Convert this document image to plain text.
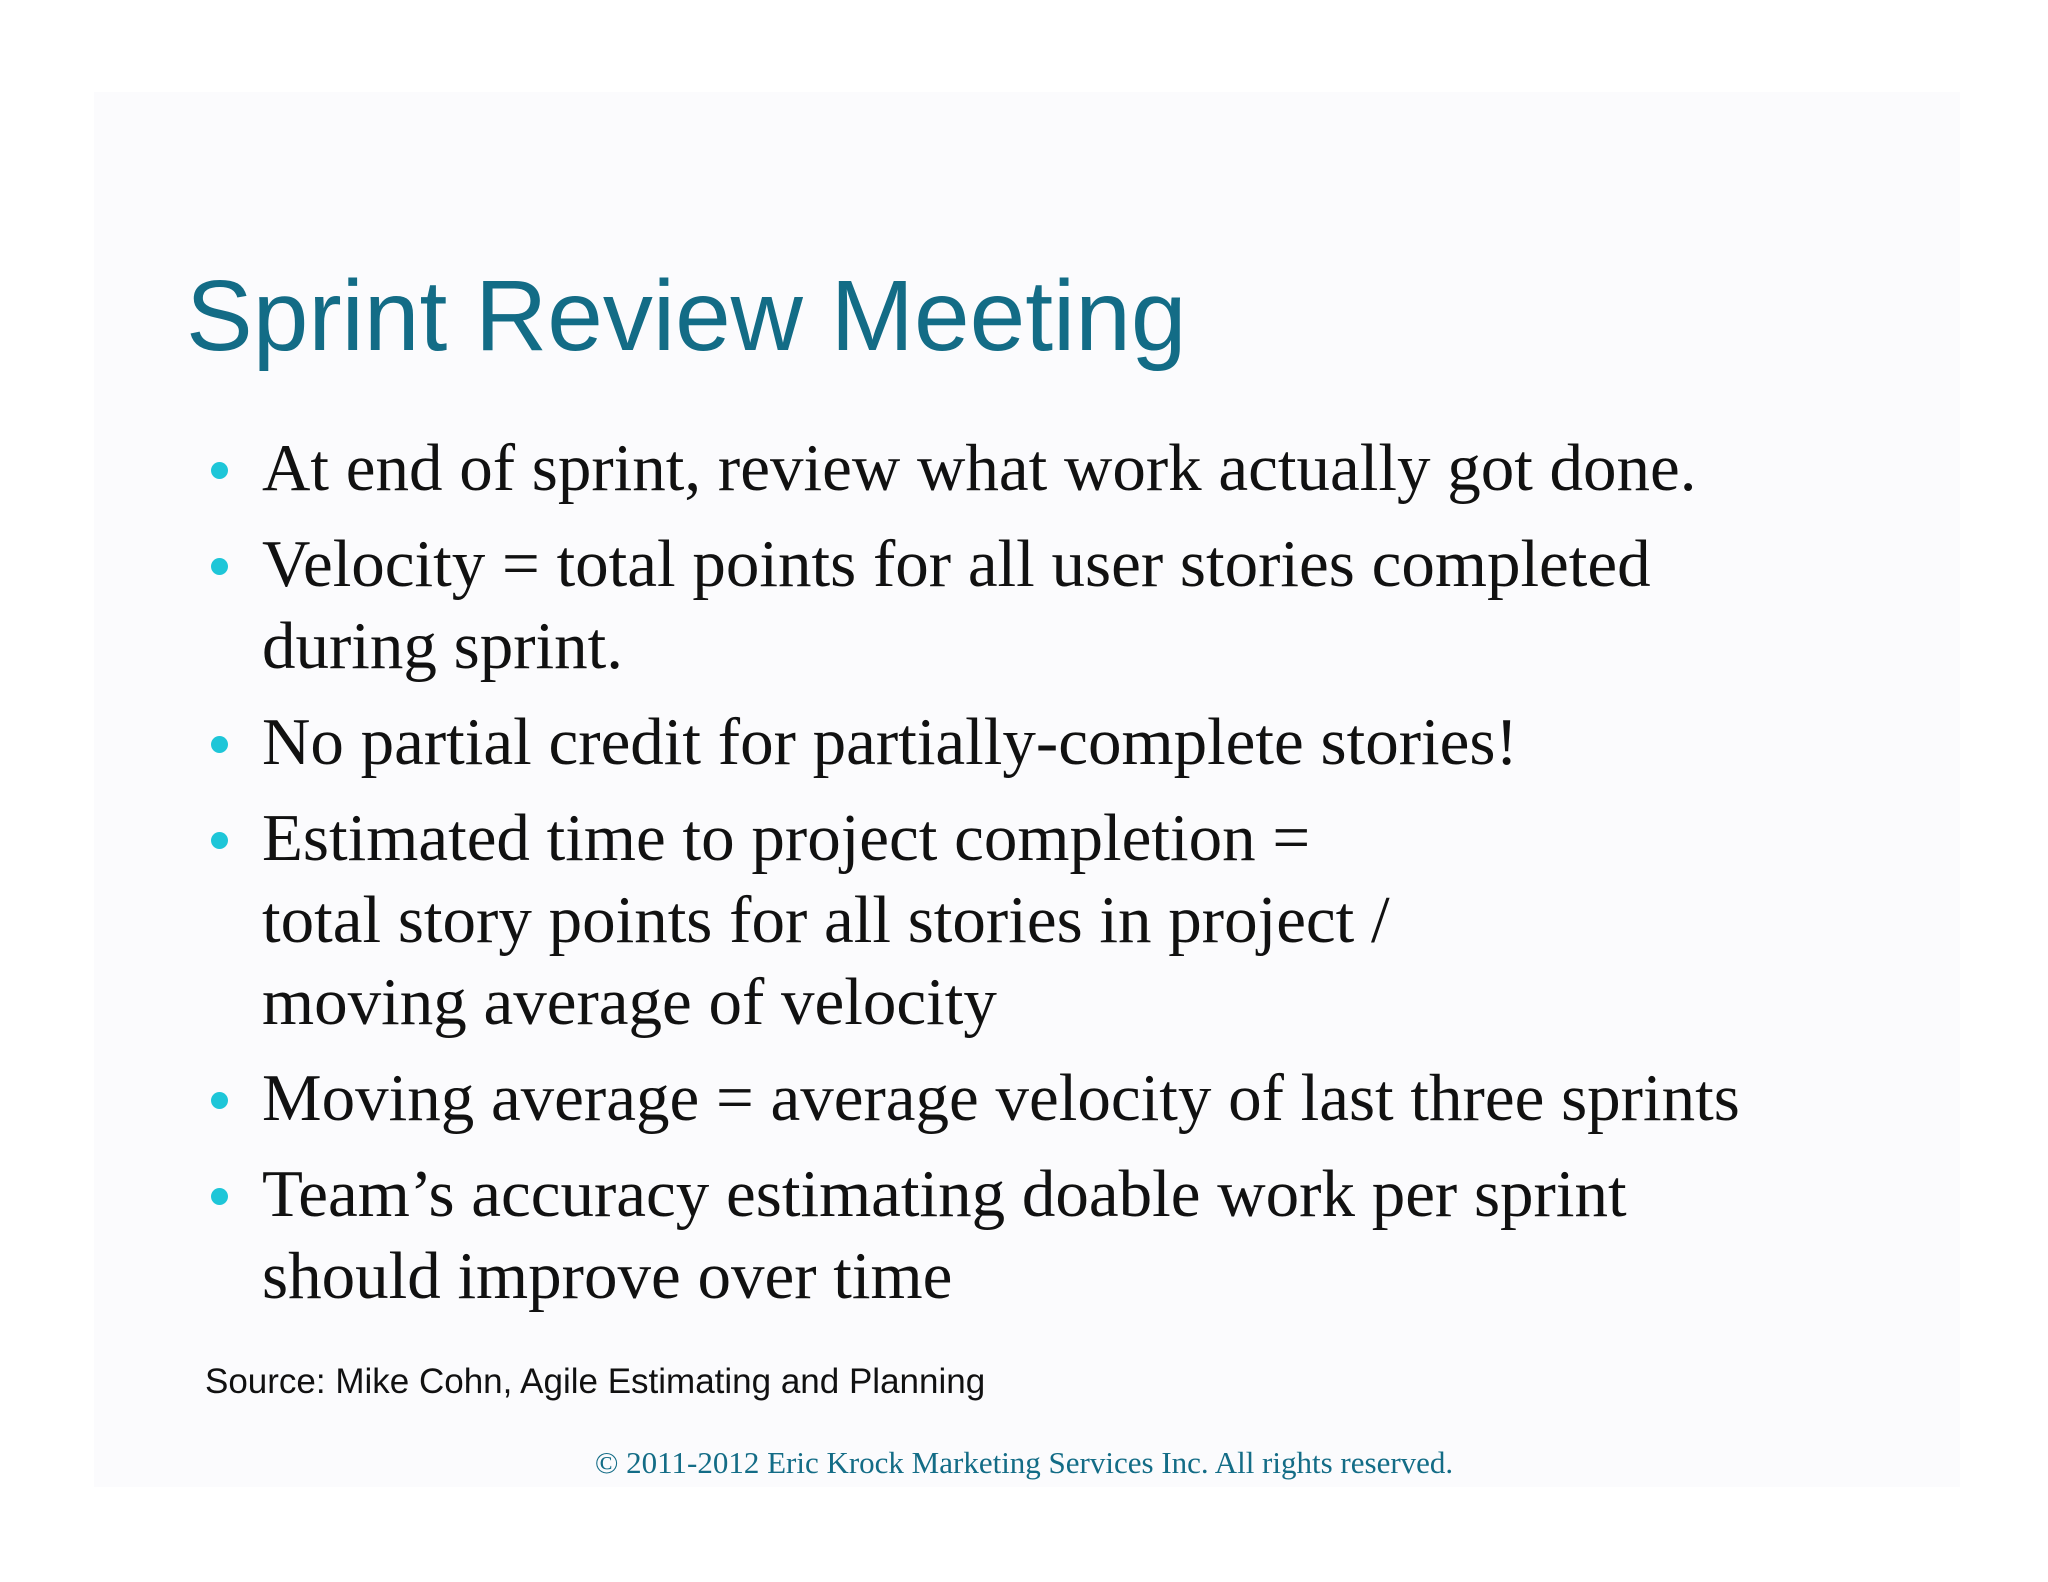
Sprint Review Meeting
At end of sprint, review what work actually got done.
Velocity = total points for all user stories completed
during sprint.
No partial credit for partially-complete stories!
Estimated time to project completion =
total story points for all stories in project /
moving average of velocity
Moving average = average velocity of last three sprints
Team’s accuracy estimating doable work per sprint
should improve over time
Source: Mike Cohn, Agile Estimating and Planning
© 2011-2012 Eric Krock Marketing Services Inc. All rights reserved.
